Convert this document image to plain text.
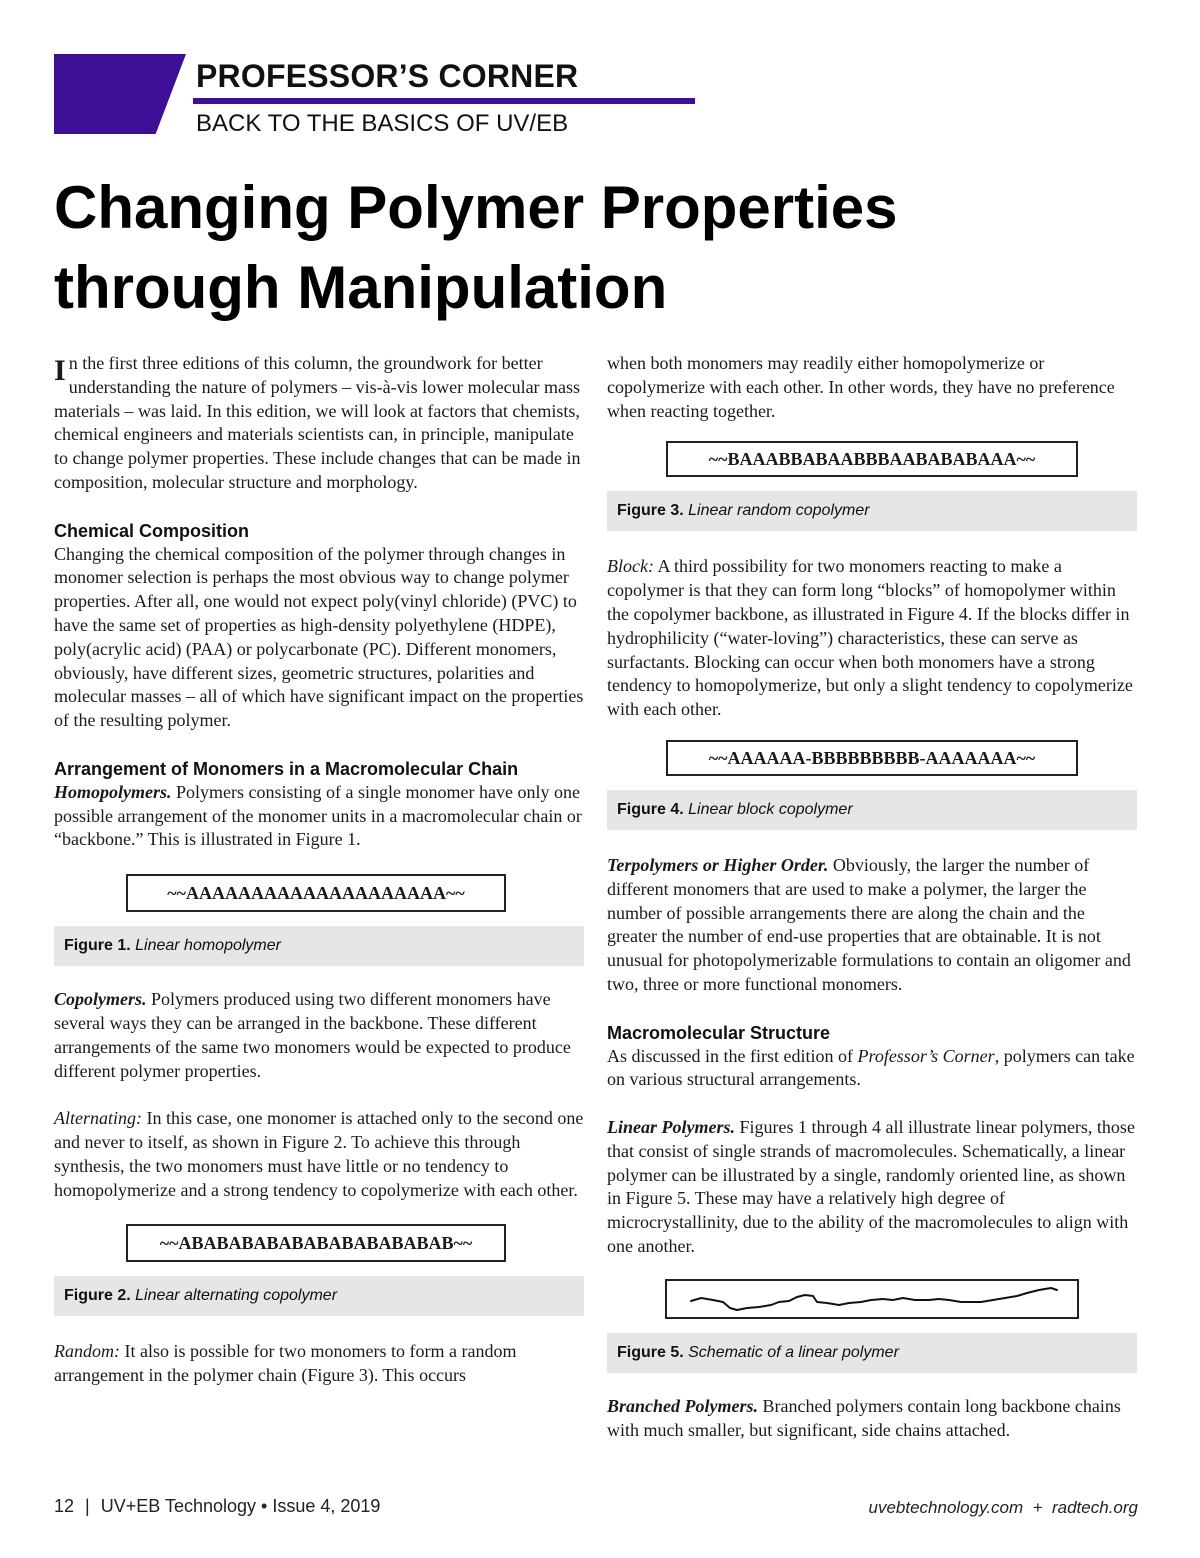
PROFESSOR’S CORNER
BACK TO THE BASICS OF UV/EB
Changing Polymer Properties
through Manipulation

In the first three editions of this column, the groundwork for better understanding the nature of polymers – vis-à-vis lower molecular mass materials – was laid. In this edition, we will look at factors that chemists, chemical engineers and materials scientists can, in principle, manipulate to change polymer properties. These include changes that can be made in composition, molecular structure and morphology.

Chemical Composition

Changing the chemical composition of the polymer through changes in monomer selection is perhaps the most obvious way to change polymer properties. After all, one would not expect poly(vinyl chloride) (PVC) to have the same set of properties as high-density polyethylene (HDPE), poly(acrylic acid) (PAA) or polycarbonate (PC). Different monomers, obviously, have different sizes, geometric structures, polarities and molecular masses – all of which have significant impact on the properties of the resulting polymer.

Arrangement of Monomers in a Macromolecular Chain

Homopolymers. Polymers consisting of a single monomer have only one possible arrangement of the monomer units in a macromolecular chain or “backbone.” This is illustrated in Figure 1.

~~AAAAAAAAAAAAAAAAAAAA~~
Figure 1. Linear homopolymer

Copolymers. Polymers produced using two different monomers have several ways they can be arranged in the backbone. These different arrangements of the same two monomers would be expected to produce different polymer properties.

Alternating: In this case, one monomer is attached only to the second one and never to itself, as shown in Figure 2. To achieve this through synthesis, the two monomers must have little or no tendency to homopolymerize and a strong tendency to copolymerize with each other.

~~ABABABABABABABABABABAB~~
Figure 2. Linear alternating copolymer

Random: It also is possible for two monomers to form a random arrangement in the polymer chain (Figure 3). This occurs

when both monomers may readily either homopolymerize or copolymerize with each other. In other words, they have no preference when reacting together.

~~BAAABBABAABBBAABABABAAA~~
Figure 3. Linear random copolymer

Block: A third possibility for two monomers reacting to make a copolymer is that they can form long “blocks” of homopolymer within the copolymer backbone, as illustrated in Figure 4. If the blocks differ in hydrophilicity (“water-loving”) characteristics, these can serve as surfactants. Blocking can occur when both monomers have a strong tendency to homopolymerize, but only a slight tendency to copolymerize with each other.

~~AAAAAA-BBBBBBBBB-AAAAAAA~~
Figure 4. Linear block copolymer

Terpolymers or Higher Order. Obviously, the larger the number of different monomers that are used to make a polymer, the larger the number of possible arrangements there are along the chain and the greater the number of end-use properties that are obtainable. It is not unusual for photopolymerizable formulations to contain an oligomer and two, three or more functional monomers.

Macromolecular Structure

As discussed in the first edition of Professor’s Corner, polymers can take on various structural arrangements.

Linear Polymers. Figures 1 through 4 all illustrate linear polymers, those that consist of single strands of macromolecules. Schematically, a linear polymer can be illustrated by a single, randomly oriented line, as shown in Figure 5. These may have a relatively high degree of microcrystallinity, due to the ability of the macromolecules to align with one another.

Figure 5. Schematic of a linear polymer

Branched Polymers. Branched polymers contain long backbone chains with much smaller, but significant, side chains attached.

12 | UV+EB Technology • Issue 4, 2019	uvebtechnology.com  +  radtech.org
